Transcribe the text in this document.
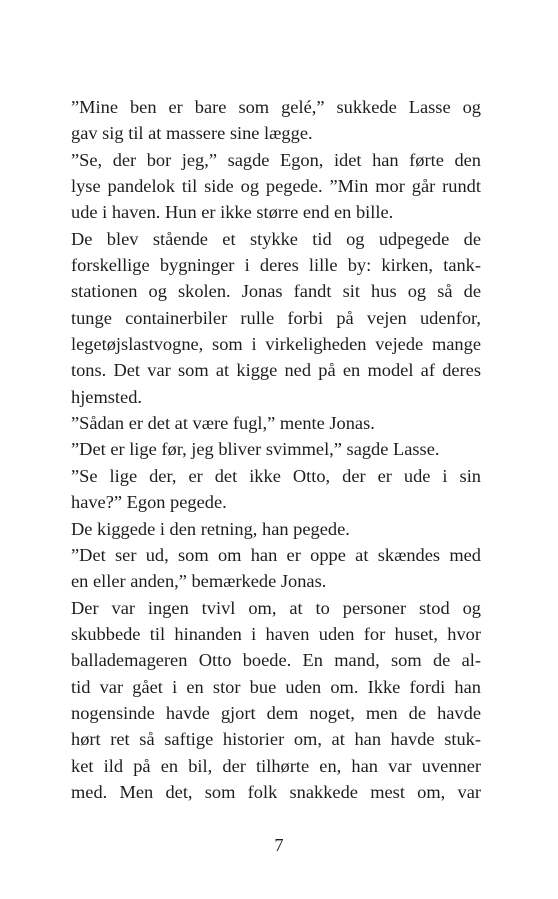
”Mine ben er bare som gelé,” sukkede Lasse og
gav sig til at massere sine lægge.
”Se, der bor jeg,” sagde Egon, idet han førte den
lyse pandelok til side og pegede. ”Min mor går rundt
ude i haven. Hun er ikke større end en bille.
De blev stående et stykke tid og udpegede de
forskellige bygninger i deres lille by: kirken, tank-
stationen og skolen. Jonas fandt sit hus og så de
tunge containerbiler rulle forbi på vejen udenfor,
legetøjslastvogne, som i virkeligheden vejede mange
tons. Det var som at kigge ned på en model af deres
hjemsted.
”Sådan er det at være fugl,” mente Jonas.
”Det er lige før, jeg bliver svimmel,” sagde Lasse.
”Se lige der, er det ikke Otto, der er ude i sin
have?” Egon pegede.
De kiggede i den retning, han pegede.
”Det ser ud, som om han er oppe at skændes med
en eller anden,” bemærkede Jonas.
Der var ingen tvivl om, at to personer stod og
skubbede til hinanden i haven uden for huset, hvor
ballademageren Otto boede. En mand, som de al-
tid var gået i en stor bue uden om. Ikke fordi han
nogensinde havde gjort dem noget, men de havde
hørt ret så saftige historier om, at han havde stuk-
ket ild på en bil, der tilhørte en, han var uvenner
med. Men det, som folk snakkede mest om, var
7
